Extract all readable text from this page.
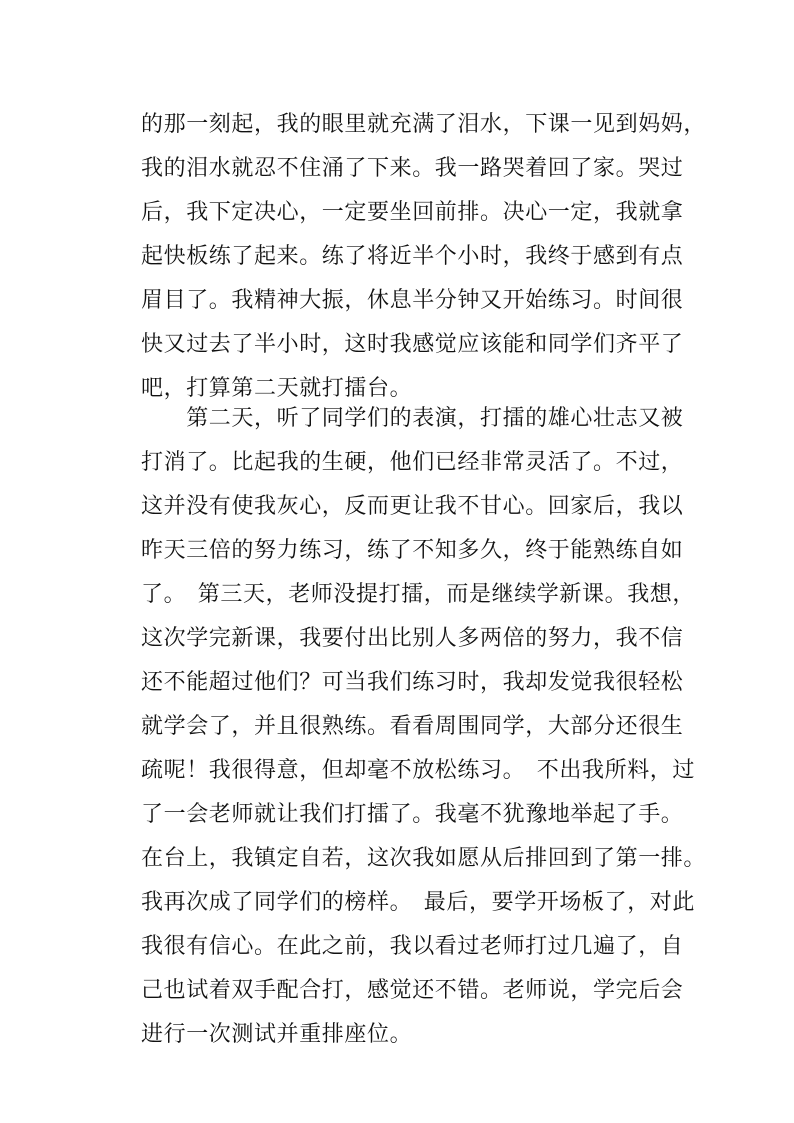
的那一刻起，我的眼里就充满了泪水，下课一见到妈妈，
我的泪水就忍不住涌了下来。我一路哭着回了家。哭过
后，我下定决心，一定要坐回前排。决心一定，我就拿
起快板练了起来。练了将近半个小时，我终于感到有点
眉目了。我精神大振，休息半分钟又开始练习。时间很
快又过去了半小时，这时我感觉应该能和同学们齐平了
吧，打算第二天就打擂台。
　　第二天，听了同学们的表演，打擂的雄心壮志又被
打消了。比起我的生硬，他们已经非常灵活了。不过，
这并没有使我灰心，反而更让我不甘心。回家后，我以
昨天三倍的努力练习，练了不知多久，终于能熟练自如
了。　第三天，老师没提打擂，而是继续学新课。我想，
这次学完新课，我要付出比别人多两倍的努力，我不信
还不能超过他们？可当我们练习时，我却发觉我很轻松
就学会了，并且很熟练。看看周围同学，大部分还很生
疏呢！我很得意，但却毫不放松练习。　不出我所料，过
了一会老师就让我们打擂了。我毫不犹豫地举起了手。
在台上，我镇定自若，这次我如愿从后排回到了第一排。
我再次成了同学们的榜样。　最后，要学开场板了，对此
我很有信心。在此之前，我以看过老师打过几遍了，自
己也试着双手配合打，感觉还不错。老师说，学完后会
进行一次测试并重排座位。
